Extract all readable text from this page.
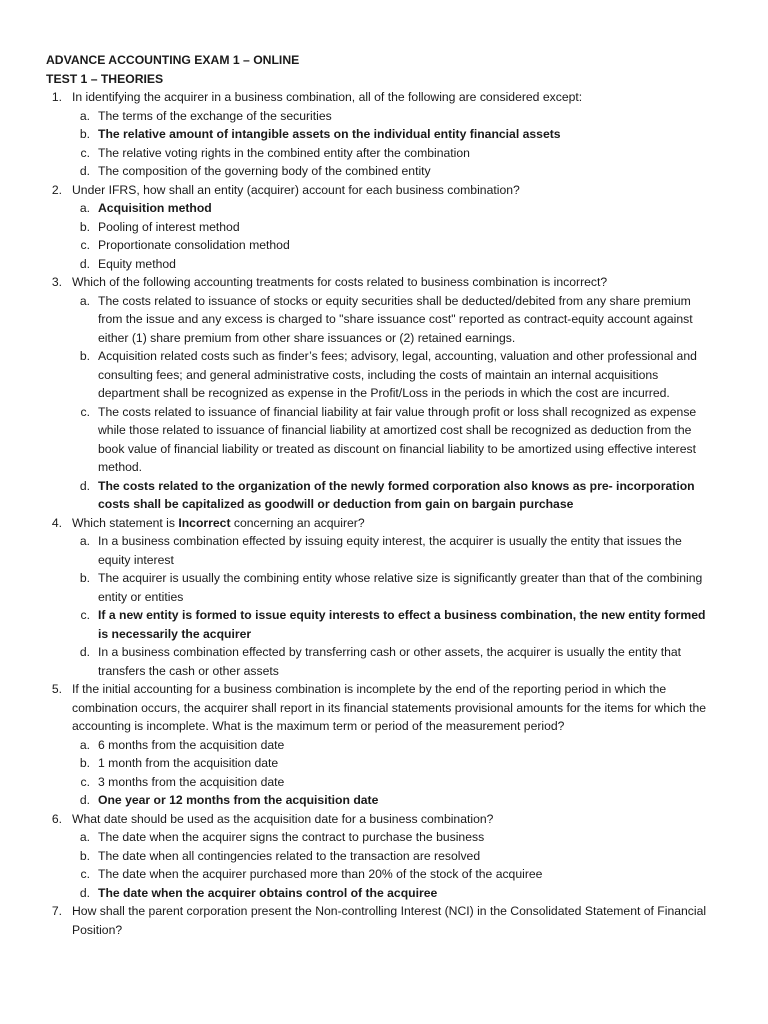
ADVANCE ACCOUNTING EXAM 1 – ONLINE

TEST 1 – THEORIES

1. In identifying the acquirer in a business combination, all of the following are considered except:

a. The terms of the exchange of the securities
b. The relative amount of intangible assets on the individual entity financial assets
c. The relative voting rights in the combined entity after the combination
d. The composition of the governing body of the combined entity
2. Under IFRS, how shall an entity (acquirer) account for each business combination?

a. Acquisition method
b. Pooling of interest method
c. Proportionate consolidation method
d. Equity method
3. Which of the following accounting treatments for costs related to business combination is incorrect?

a. The costs related to issuance of stocks or equity securities shall be deducted/debited from any share premium from the issue and any excess is charged to "share issuance cost" reported as contract-equity account against either (1) share premium from other share issuances or (2) retained earnings.
b. Acquisition related costs such as finder’s fees; advisory, legal, accounting, valuation and other professional and consulting fees; and general administrative costs, including the costs of maintain an internal acquisitions department shall be recognized as expense in the Profit/Loss in the periods in which the cost are incurred.
c. The costs related to issuance of financial liability at fair value through profit or loss shall recognized as expense while those related to issuance of financial liability at amortized cost shall be recognized as deduction from the book value of financial liability or treated as discount on financial liability to be amortized using effective interest method.
d. The costs related to the organization of the newly formed corporation also knows as pre- incorporation costs shall be capitalized as goodwill or deduction from gain on bargain purchase
4. Which statement is Incorrect concerning an acquirer?

a. In a business combination effected by issuing equity interest, the acquirer is usually the entity that issues the equity interest
b. The acquirer is usually the combining entity whose relative size is significantly greater than that of the combining entity or entities
c. If a new entity is formed to issue equity interests to effect a business combination, the new entity formed is necessarily the acquirer
d. In a business combination effected by transferring cash or other assets, the acquirer is usually the entity that transfers the cash or other assets
5. If the initial accounting for a business combination is incomplete by the end of the reporting period in which the combination occurs, the acquirer shall report in its financial statements provisional amounts for the items for which the accounting is incomplete. What is the maximum term or period of the measurement period?

a. 6 months from the acquisition date
b. 1 month from the acquisition date
c. 3 months from the acquisition date
d. One year or 12 months from the acquisition date
6. What date should be used as the acquisition date for a business combination?

a. The date when the acquirer signs the contract to purchase the business
b. The date when all contingencies related to the transaction are resolved
c. The date when the acquirer purchased more than 20% of the stock of the acquiree
d. The date when the acquirer obtains control of the acquiree
7. How shall the parent corporation present the Non-controlling Interest (NCI) in the Consolidated Statement of Financial Position?
